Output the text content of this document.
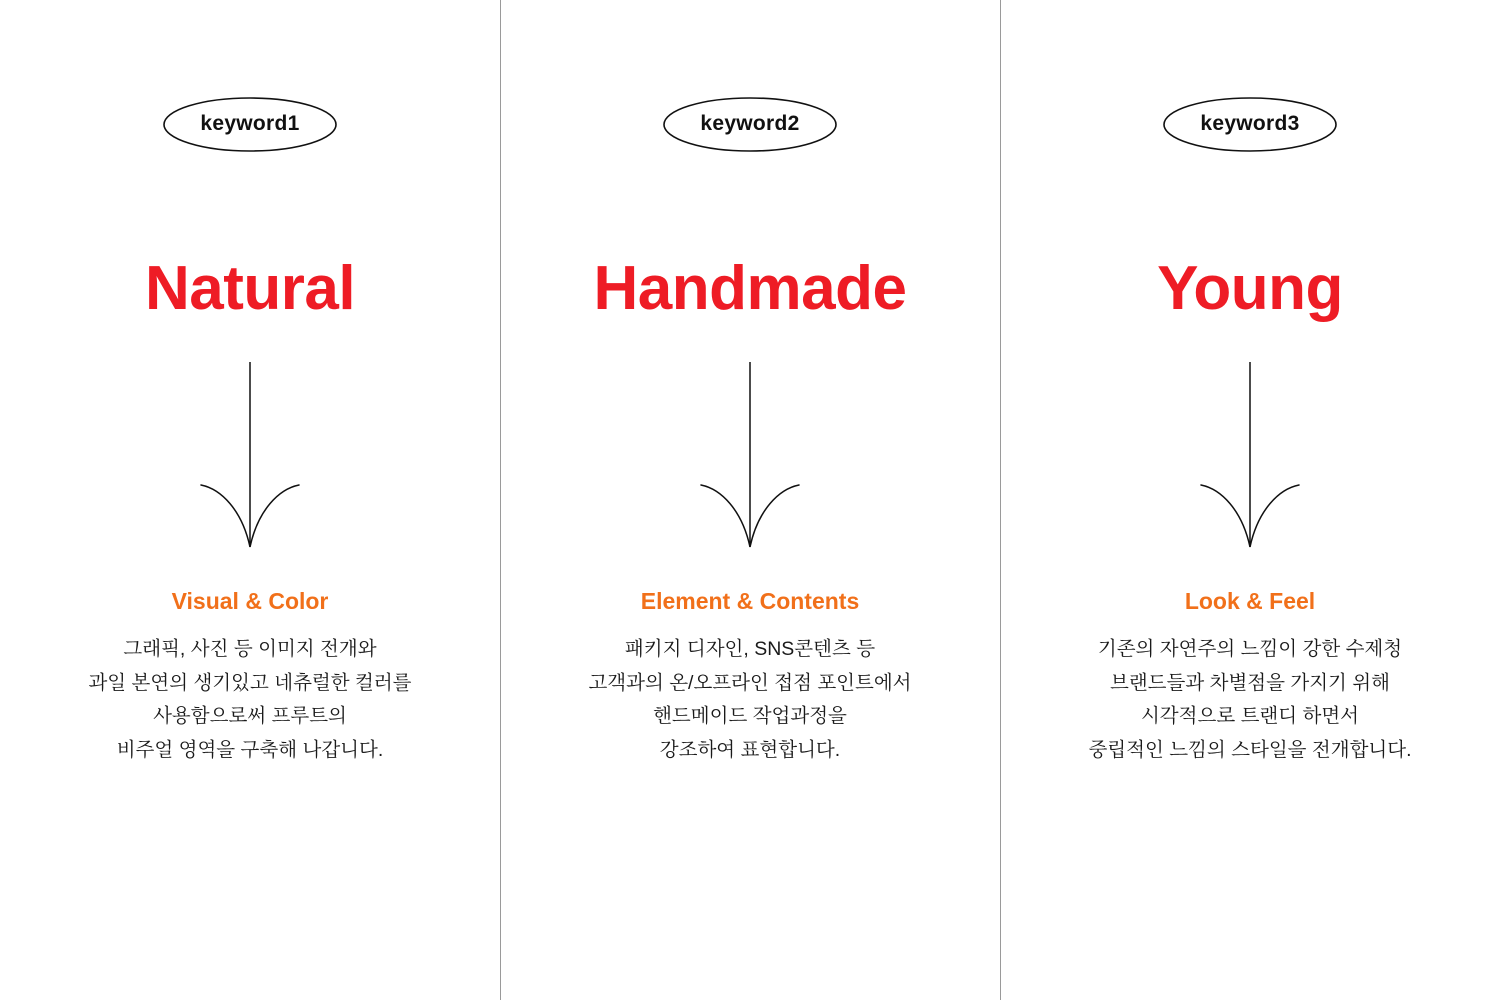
keyword1
Natural
Visual & Color
그래픽, 사진 등 이미지 전개와
과일 본연의 생기있고 네츄럴한 컬러를
사용함으로써 프루트의
비주얼 영역을 구축해 나갑니다.
keyword2
Handmade
Element & Contents
패키지 디자인, SNS콘텐츠 등
고객과의 온/오프라인 접점 포인트에서
핸드메이드 작업과정을
강조하여 표현합니다.
keyword3
Young
Look & Feel
기존의 자연주의 느낌이 강한 수제청
브랜드들과 차별점을 가지기 위해
시각적으로 트랜디 하면서
중립적인 느낌의 스타일을 전개합니다.
